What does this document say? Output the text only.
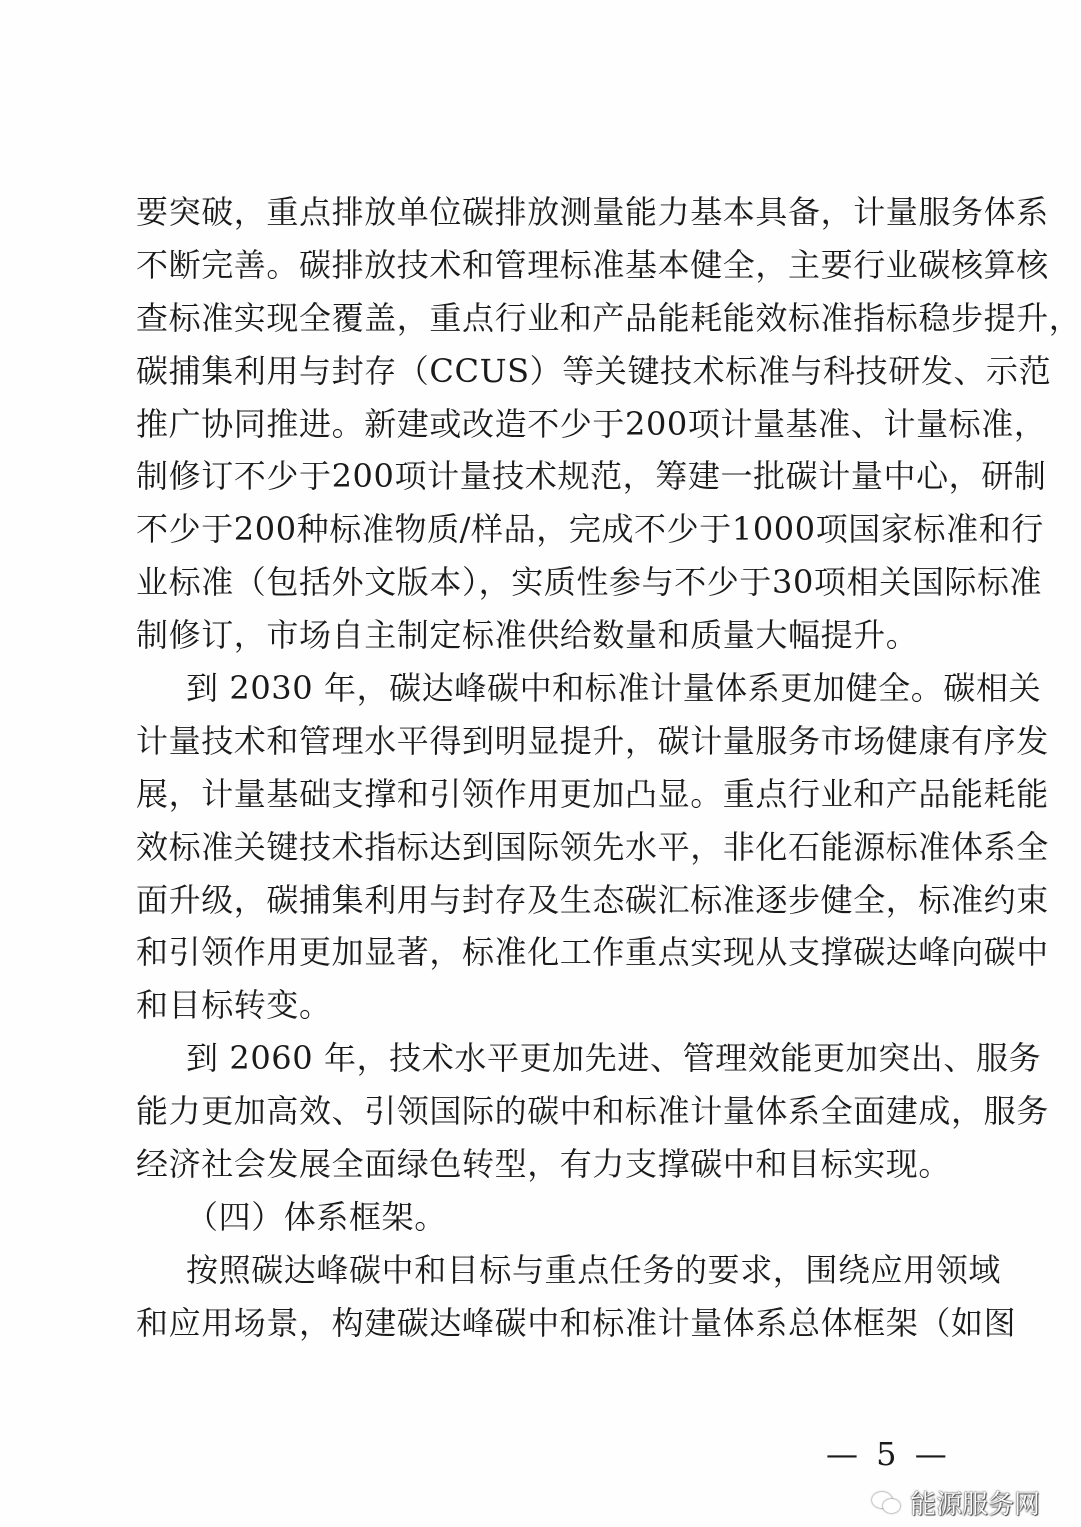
要突破，重点排放单位碳排放测量能力基本具备，计量服务体系
不断完善。碳排放技术和管理标准基本健全，主要行业碳核算核
查标准实现全覆盖，重点行业和产品能耗能效标准指标稳步提升，
碳捕集利用与封存（CCUS）等关键技术标准与科技研发、示范
推广协同推进。新建或改造不少于200项计量基准、计量标准，
制修订不少于200项计量技术规范，筹建一批碳计量中心，研制
不少于200种标准物质/样品，完成不少于1000项国家标准和行
业标准（包括外文版本），实质性参与不少于30项相关国际标准
制修订，市场自主制定标准供给数量和质量大幅提升。
到 2030 年，碳达峰碳中和标准计量体系更加健全。碳相关
计量技术和管理水平得到明显提升，碳计量服务市场健康有序发
展，计量基础支撑和引领作用更加凸显。重点行业和产品能耗能
效标准关键技术指标达到国际领先水平，非化石能源标准体系全
面升级，碳捕集利用与封存及生态碳汇标准逐步健全，标准约束
和引领作用更加显著，标准化工作重点实现从支撑碳达峰向碳中
和目标转变。
到 2060 年，技术水平更加先进、管理效能更加突出、服务
能力更加高效、引领国际的碳中和标准计量体系全面建成，服务
经济社会发展全面绿色转型，有力支撑碳中和目标实现。
（四）体系框架。
按照碳达峰碳中和目标与重点任务的要求，围绕应用领域
和应用场景，构建碳达峰碳中和标准计量体系总体框架（如图
— 5 —
能源服务网
